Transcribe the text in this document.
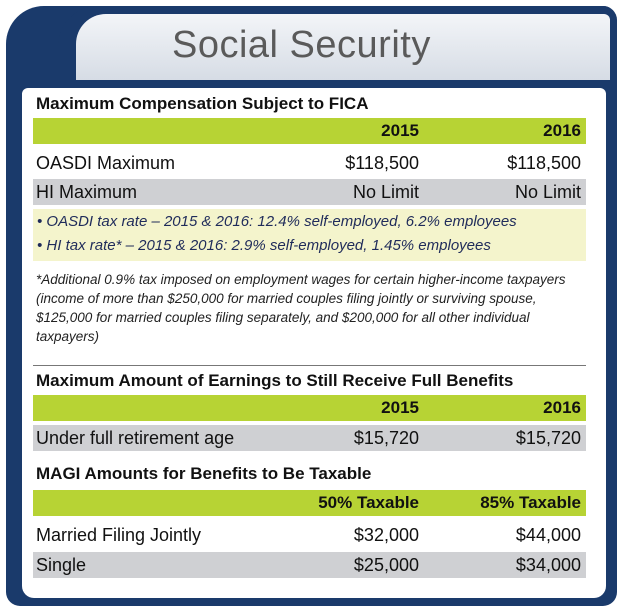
Social Security
Maximum Compensation Subject to FICA
2015	2016
OASDI Maximum	$118,500	$118,500
HI Maximum	No Limit	No Limit
• OASDI tax rate – 2015 & 2016: 12.4% self-employed, 6.2% employees
• HI tax rate* – 2015 & 2016: 2.9% self-employed, 1.45% employees
*Additional 0.9% tax imposed on employment wages for certain higher-income taxpayers (income of more than $250,000 for married couples filing jointly or surviving spouse, $125,000 for married couples filing separately, and $200,000 for all other individual taxpayers)
Maximum Amount of Earnings to Still Receive Full Benefits
2015	2016
Under full retirement age	$15,720	$15,720
MAGI Amounts for Benefits to Be Taxable
50% Taxable	85% Taxable
Married Filing Jointly	$32,000	$44,000
Single	$25,000	$34,000
